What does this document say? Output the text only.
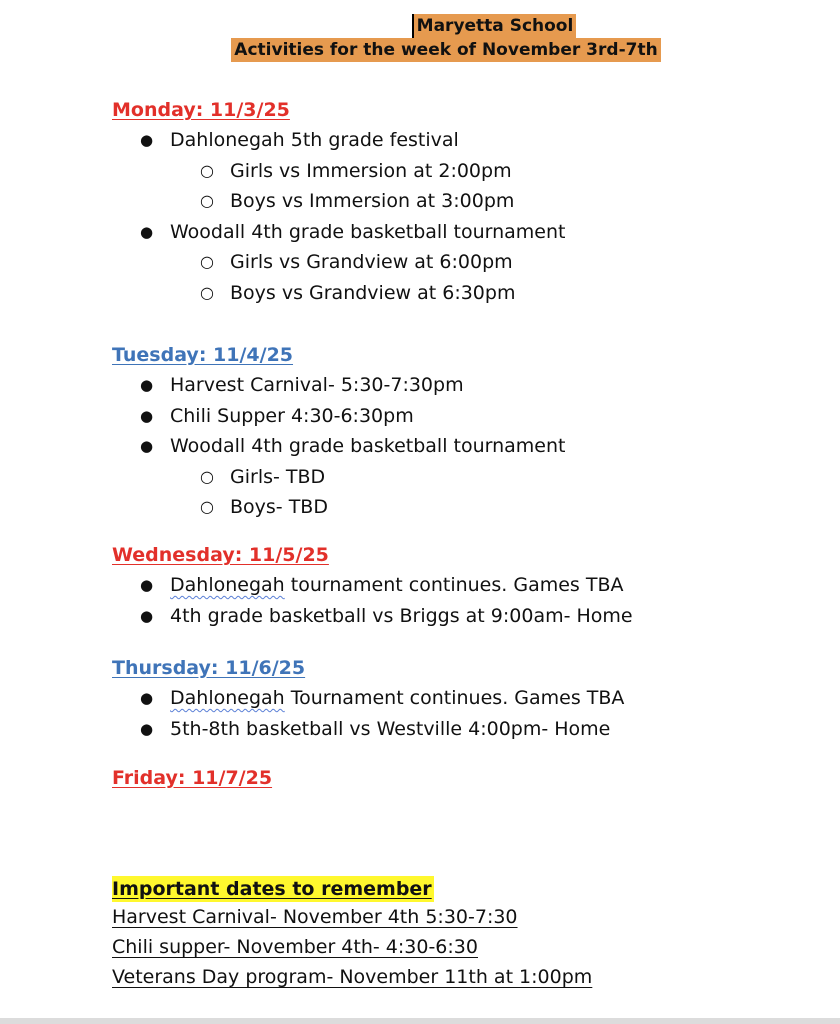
Maryetta School
Activities for the week of November 3rd-7th
Monday: 11/3/25
● Dahlonegah 5th grade festival
○ Girls vs Immersion at 2:00pm
○ Boys vs Immersion at 3:00pm
● Woodall 4th grade basketball tournament
○ Girls vs Grandview at 6:00pm
○ Boys vs Grandview at 6:30pm
Tuesday: 11/4/25
● Harvest Carnival- 5:30-7:30pm
● Chili Supper 4:30-6:30pm
● Woodall 4th grade basketball tournament
○ Girls- TBD
○ Boys- TBD
Wednesday: 11/5/25
● Dahlonegah tournament continues. Games TBA
● 4th grade basketball vs Briggs at 9:00am- Home
Thursday: 11/6/25
● Dahlonegah Tournament continues. Games TBA
● 5th-8th basketball vs Westville 4:00pm- Home
Friday: 11/7/25
Important dates to remember
Harvest Carnival- November 4th 5:30-7:30
Chili supper- November 4th- 4:30-6:30
Veterans Day program- November 11th at 1:00pm
